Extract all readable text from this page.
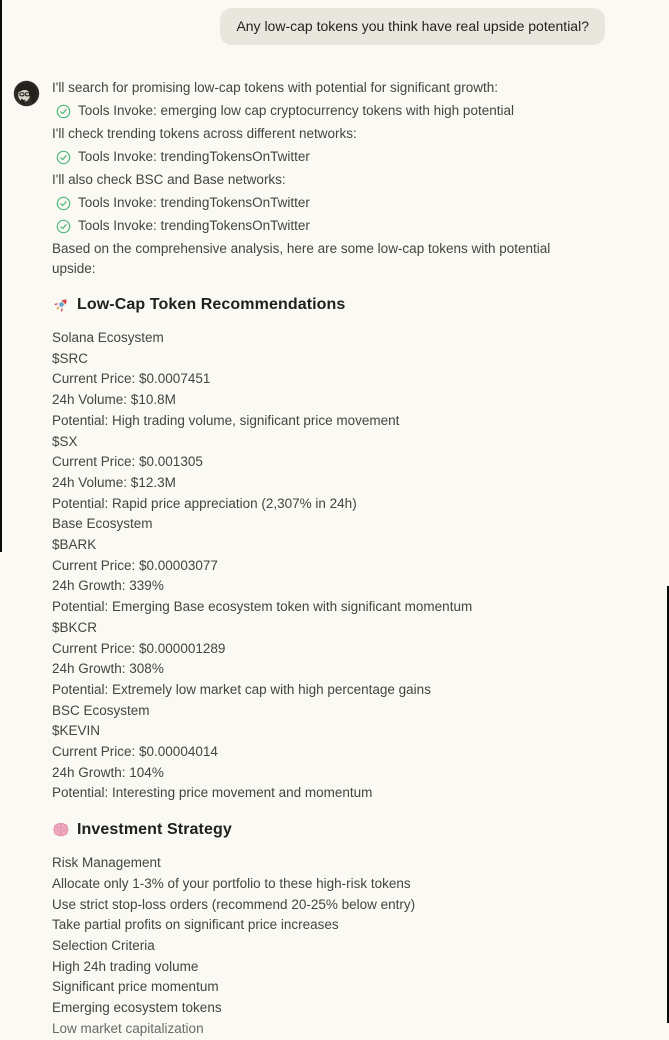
Any low-cap tokens you think have real upside potential?
I'll search for promising low-cap tokens with potential for significant growth:
Tools Invoke: emerging low cap cryptocurrency tokens with high potential
I'll check trending tokens across different networks:
Tools Invoke: trendingTokensOnTwitter
I'll also check BSC and Base networks:
Tools Invoke: trendingTokensOnTwitter
Tools Invoke: trendingTokensOnTwitter
Based on the comprehensive analysis, here are some low-cap tokens with potential upside:
Low-Cap Token Recommendations
Solana Ecosystem
$SRC
Current Price: $0.0007451
24h Volume: $10.8M
Potential: High trading volume, significant price movement
$SX
Current Price: $0.001305
24h Volume: $12.3M
Potential: Rapid price appreciation (2,307% in 24h)
Base Ecosystem
$BARK
Current Price: $0.00003077
24h Growth: 339%
Potential: Emerging Base ecosystem token with significant momentum
$BKCR
Current Price: $0.000001289
24h Growth: 308%
Potential: Extremely low market cap with high percentage gains
BSC Ecosystem
$KEVIN
Current Price: $0.00004014
24h Growth: 104%
Potential: Interesting price movement and momentum
Investment Strategy
Risk Management
Allocate only 1-3% of your portfolio to these high-risk tokens
Use strict stop-loss orders (recommend 20-25% below entry)
Take partial profits on significant price increases
Selection Criteria
High 24h trading volume
Significant price momentum
Emerging ecosystem tokens
Low market capitalization
